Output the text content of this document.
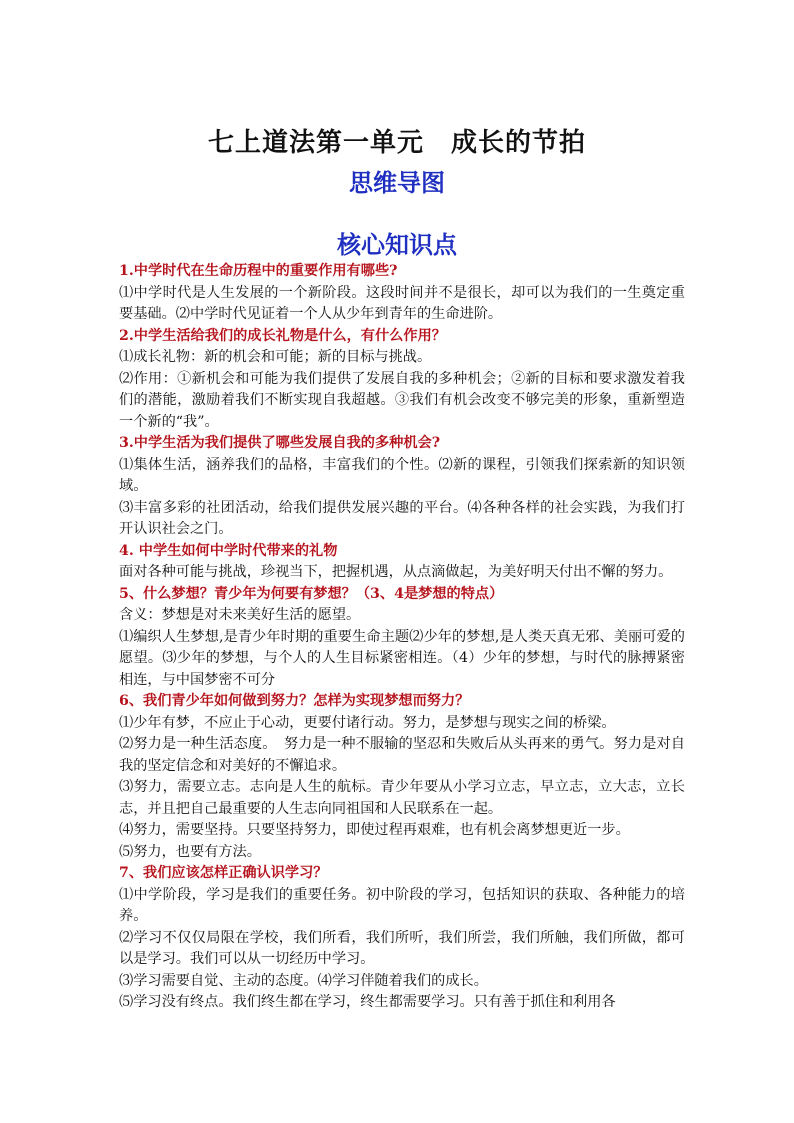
七上道法第一单元　成长的节拍
思维导图
核心知识点
1.中学时代在生命历程中的重要作用有哪些?
⑴中学时代是人生发展的一个新阶段。这段时间并不是很长，却可以为我们的一生奠定重要基础。⑵中学时代见证着一个人从少年到青年的生命进阶。
2.中学生活给我们的成长礼物是什么，有什么作用？
⑴成长礼物：新的机会和可能；新的目标与挑战。
⑵作用：①新机会和可能为我们提供了发展自我的多种机会；②新的目标和要求激发着我们的潜能，激励着我们不断实现自我超越。③我们有机会改变不够完美的形象，重新塑造一个新的“我”。
3.中学生活为我们提供了哪些发展自我的多种机会?
⑴集体生活，涵养我们的品格，丰富我们的个性。⑵新的课程，引领我们探索新的知识领域。
⑶丰富多彩的社团活动，给我们提供发展兴趣的平台。⑷各种各样的社会实践，为我们打开认识社会之门。
4. 中学生如何中学时代带来的礼物
面对各种可能与挑战，珍视当下，把握机遇，从点滴做起，为美好明天付出不懈的努力。
5、什么梦想？青少年为何要有梦想？（3、4是梦想的特点）
含义：梦想是对未来美好生活的愿望。
⑴编织人生梦想,是青少年时期的重要生命主题⑵少年的梦想,是人类天真无邪、美丽可爱的愿望。⑶少年的梦想，与个人的人生目标紧密相连。（4）少年的梦想，与时代的脉搏紧密相连，与中国梦密不可分
6、我们青少年如何做到努力？怎样为实现梦想而努力？
⑴少年有梦，不应止于心动，更要付诸行动。努力，是梦想与现实之间的桥梁。
⑵努力是一种生活态度。　努力是一种不服输的坚忍和失败后从头再来的勇气。努力是对自我的坚定信念和对美好的不懈追求。
⑶努力，需要立志。志向是人生的航标。青少年要从小学习立志，早立志，立大志，立长志，并且把自己最重要的人生志向同祖国和人民联系在一起。
⑷努力，需要坚持。只要坚持努力，即使过程再艰难，也有机会离梦想更近一步。
⑸努力，也要有方法。
7、我们应该怎样正确认识学习？
⑴中学阶段，学习是我们的重要任务。初中阶段的学习，包括知识的获取、各种能力的培养。
⑵学习不仅仅局限在学校，我们所看，我们所听，我们所尝，我们所触，我们所做，都可以是学习。我们可以从一切经历中学习。
⑶学习需要自觉、主动的态度。⑷学习伴随着我们的成长。
⑸学习没有终点。我们终生都在学习，终生都需要学习。只有善于抓住和利用各
